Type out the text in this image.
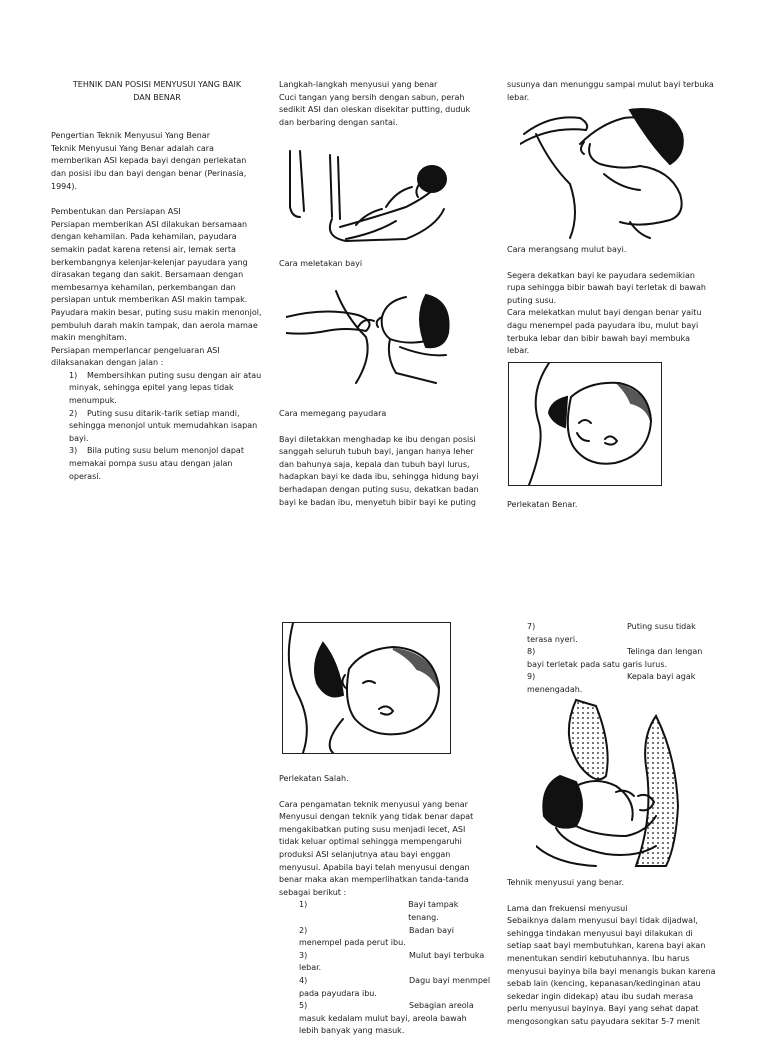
TEHNIK DAN POSISI MENYUSUI YANG BAIK

DAN BENAR

Pengertian Teknik Menyusui Yang Benar

Teknik Menyusui Yang Benar adalah cara

memberikan ASI kepada bayi dengan perlekatan

dan posisi ibu dan bayi dengan benar (Perinasia,

1994).

Pembentukan dan Persiapan ASI

Persiapan memberikan ASI dilakukan bersamaan

dengan kehamilan. Pada kehamilan, payudara

semakin padat karena retensi air, lemak serta

berkembangnya kelenjar-kelenjar payudara yang

dirasakan tegang dan sakit. Bersamaan dengan

membesarnya kehamilan, perkembangan dan

persiapan untuk memberikan ASI makin tampak.

Payudara makin besar, puting susu makin menonjol,

pembuluh darah makin tampak, dan aerola mamae

makin menghitam.

Persiapan memperlancar pengeluaran ASI

dilaksanakan dengan jalan :

1) Membersihkan puting susu dengan air atau

minyak, sehingga epitel yang lepas tidak

menumpuk.

2) Puting susu ditarik-tarik setiap mandi,

sehingga menonjol untuk memudahkan isapan

bayi.

3) Bila puting susu belum menonjol dapat

memakai pompa susu atau dengan jalan

operasi.

Langkah-langkah menyusui yang benar

Cuci tangan yang bersih dengan sabun, perah

sedikit ASI dan oleskan disekitar putting, duduk

dan berbaring dengan santai.

Cara meletakan bayi

Cara memegang payudara

Bayi diletakkan menghadap ke ibu dengan posisi

sanggah seluruh tubuh bayi, jangan hanya leher

dan bahunya saja, kepala dan tubuh bayi lurus,

hadapkan bayi ke dada ibu, sehingga hidung bayi

berhadapan dengan puting susu, dekatkan badan

bayi ke badan ibu, menyetuh bibir bayi ke puting

susunya dan menunggu sampai mulut bayi terbuka

lebar.

Cara merangsang mulut bayi.

Segera dekatkan bayi ke payudara sedemikian

rupa sehingga bibir bawah bayi terletak di bawah

puting susu.

Cara melekatkan mulut bayi dengan benar yaitu

dagu menempel pada payudara ibu, mulut bayi

terbuka lebar dan bibir bawah bayi membuka

lebar.

Perlekatan Benar.

Perlekatan Salah.

Cara pengamatan teknik menyusui yang benar

Menyusui dengan teknik yang tidak benar dapat

mengakibatkan puting susu menjadi lecet, ASI

tidak keluar optimal sehingga mempengaruhi

produksi ASI selanjutnya atau bayi enggan

menyusui. Apabila bayi telah menyusui dengan

benar maka akan memperlihatkan tanda-tanda

sebagai berikut :

1)	Bayi tampak tenang.

2)	Badan bayi

menempel pada perut ibu.

3)	Mulut bayi terbuka

lebar.

4)	Dagu bayi menmpel

pada payudara ibu.

5)	Sebagian areola

masuk kedalam mulut bayi, areola bawah

lebih banyak yang masuk.

7)	Puting susu tidak

terasa nyeri.

8)	Telinga dan lengan

bayi terletak pada satu garis lurus.

9)	Kepala bayi agak

menengadah.

Tehnik menyusui yang benar.

Lama dan frekuensi menyusui

Sebaiknya dalam menyusui bayi tidak dijadwal,

sehingga tindakan menyusui bayi dilakukan di

setiap saat bayi membutuhkan, karena bayi akan

menentukan sendiri kebutuhannya. Ibu harus

menyusui bayinya bila bayi menangis bukan karena

sebab lain (kencing, kepanasan/kedinginan atau

sekedar ingin didekap) atau ibu sudah merasa

perlu menyusui bayinya. Bayi yang sehat dapat

mengosongkan satu payudara sekitar 5-7 menit
